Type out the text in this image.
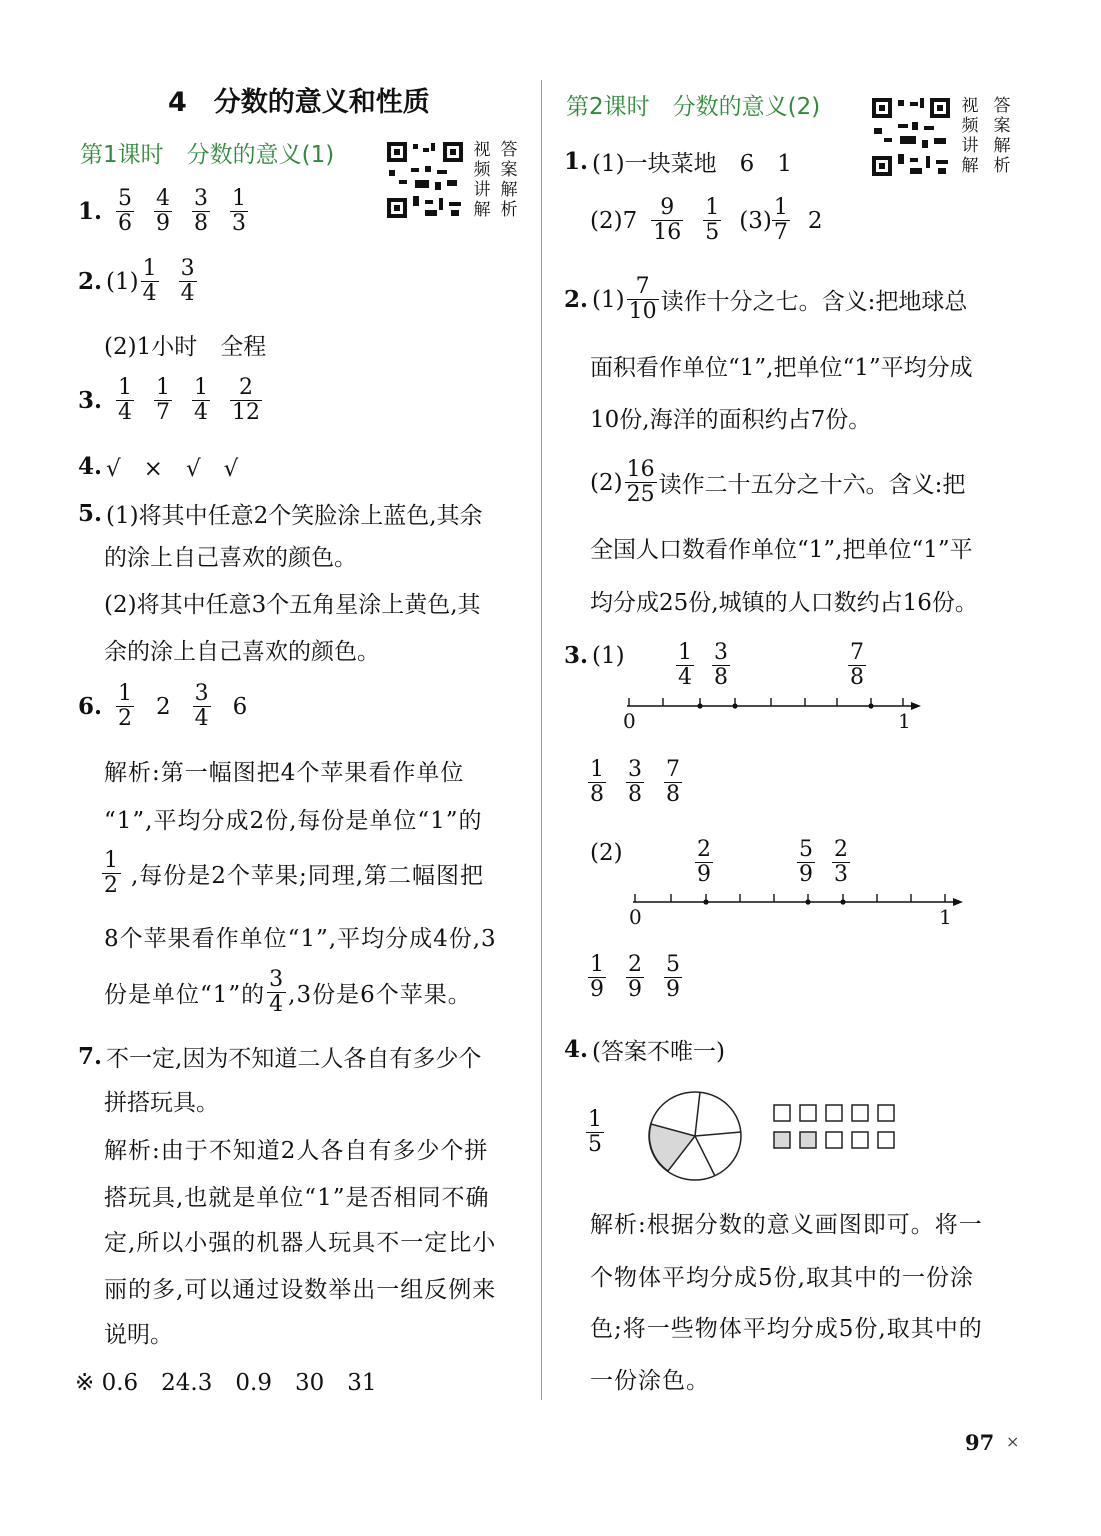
4　分数的意义和性质
第1课时　分数的意义(1)	视频讲解
答案解析
1. $\frac{5}{6} \frac{4}{9} \frac{3}{8} \frac{1}{3}$
2. $(1) \frac{1}{4} \frac{3}{4}$
(2)1小时　全程
3. $\frac{1}{4} \frac{1}{7} \frac{1}{4} \frac{2}{12}$
4. √　×　√　√
5. (1)将其中任意2个笑脸涂上蓝色,其余
的涂上自己喜欢的颜色。
(2)将其中任意3个五角星涂上黄色,其
余的涂上自己喜欢的颜色。
6. $\frac{1}{2} 2 \frac{3}{4} 6$
解析:第一幅图把4个苹果看作单位
“1”,平均分成2份,每份是单位“1”的
$\frac{1}{2}$ ,每份是2个苹果;同理,第二幅图把
8个苹果看作单位“1”,平均分成4份,3
份是单位“1”的 $\frac{3}{4} ,3$份是6个苹果。
7. 不一定,因为不知道二人各自有多少个
拼搭玩具。
解析:由于不知道2人各自有多少个拼
搭玩具,也就是单位“1”是否相同不确
定,所以小强的机器人玩具不一定比小
丽的多,可以通过设数举出一组反例来
说明。
※ 0.6　24.3　0.9　30　31
第2课时　分数的意义(2)	视频讲解
答案解析
1. (1)一块菜地　6　1
$(2)7 \frac{9}{16} \frac{1}{5} (3) \frac{1}{7} 2$
2. $(1) \frac{7}{10}$ 读作十分之七。含义:把地球总
面积看作单位“1”,把单位“1”平均分成
10份,海洋的面积约占7份。
$(2) \frac{16}{25}$ 读作二十五分之十六。含义:把
全国人口数看作单位“1”,把单位“1”平
均分成25份,城镇的人口数约占16份。
3. $(1) \frac{1}{4} \frac{3}{8}$	$\frac{7}{8}$
0	1
$\frac{1}{8} \frac{3}{8} \frac{7}{8}$
(2)	$\frac{2}{9}$	$\frac{5}{9} \frac{2}{3}$
0	1
$\frac{1}{9} \frac{2}{9} \frac{5}{9}$
4. (答案不唯一)
$\frac{1}{5}$
解析:根据分数的意义画图即可。将一
个物体平均分成5份,取其中的一份涂
色;将一些物体平均分成5份,取其中的
一份涂色。
97 ×
